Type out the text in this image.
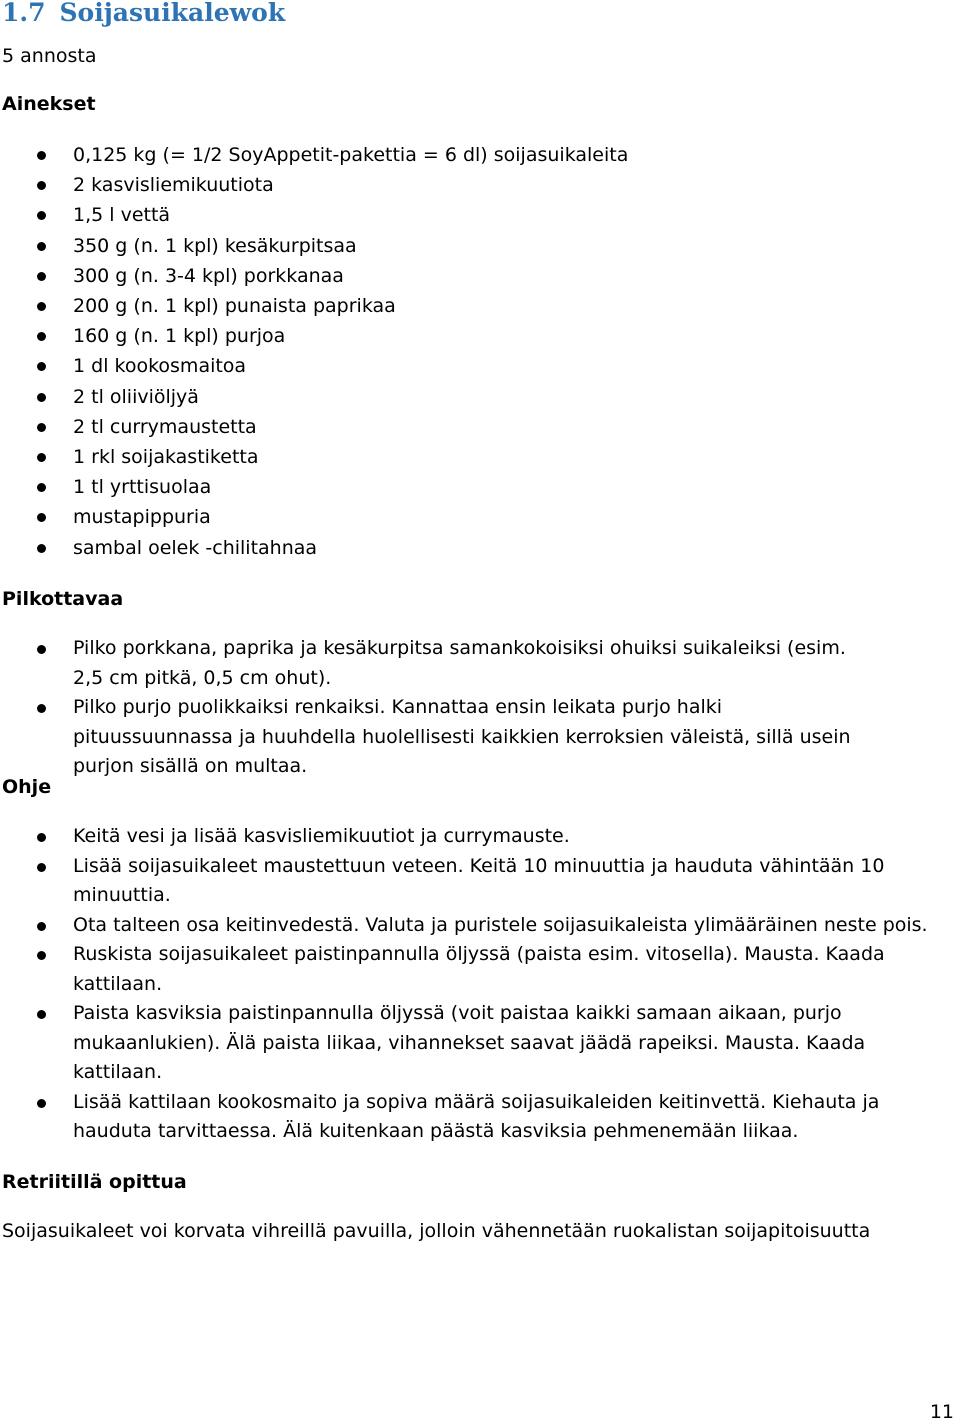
1.7 Soijasuikalewok

5 annosta

Ainekset
0,125 kg (= 1/2 SoyAppetit-pakettia = 6 dl) soijasuikaleita
2 kasvisliemikuutiota
1,5 l vettä
350 g (n. 1 kpl) kesäkurpitsaa
300 g (n. 3-4 kpl) porkkanaa
200 g (n. 1 kpl) punaista paprikaa
160 g (n. 1 kpl) purjoa
1 dl kookosmaitoa
2 tl oliiviöljyä
2 tl currymaustetta
1 rkl soijakastiketta
1 tl yrttisuolaa
mustapippuria
sambal oelek -chilitahnaa
Pilkottavaa
Pilko porkkana, paprika ja kesäkurpitsa samankokoisiksi ohuiksi suikaleiksi (esim. 2,5 cm pitkä, 0,5 cm ohut).
Pilko purjo puolikkaiksi renkaiksi. Kannattaa ensin leikata purjo halki pituussuunnassa ja huuhdella huolellisesti kaikkien kerroksien väleistä, sillä usein purjon sisällä on multaa.
Ohje
Keitä vesi ja lisää kasvisliemikuutiot ja currymauste.
Lisää soijasuikaleet maustettuun veteen. Keitä 10 minuuttia ja hauduta vähintään 10 minuuttia.
Ota talteen osa keitinvedestä. Valuta ja puristele soijasuikaleista ylimääräinen neste pois.
Ruskista soijasuikaleet paistinpannulla öljyssä (paista esim. vitosella). Mausta. Kaada kattilaan.
Paista kasviksia paistinpannulla öljyssä (voit paistaa kaikki samaan aikaan, purjo mukaanlukien). Älä paista liikaa, vihannekset saavat jäädä rapeiksi. Mausta. Kaada kattilaan.
Lisää kattilaan kookosmaito ja sopiva määrä soijasuikaleiden keitinvettä. Kiehauta ja hauduta tarvittaessa. Älä kuitenkaan päästä kasviksia pehmenemään liikaa.
Retriitillä opittua

Soijasuikaleet voi korvata vihreillä pavuilla, jolloin vähennetään ruokalistan soijapitoisuutta

11
